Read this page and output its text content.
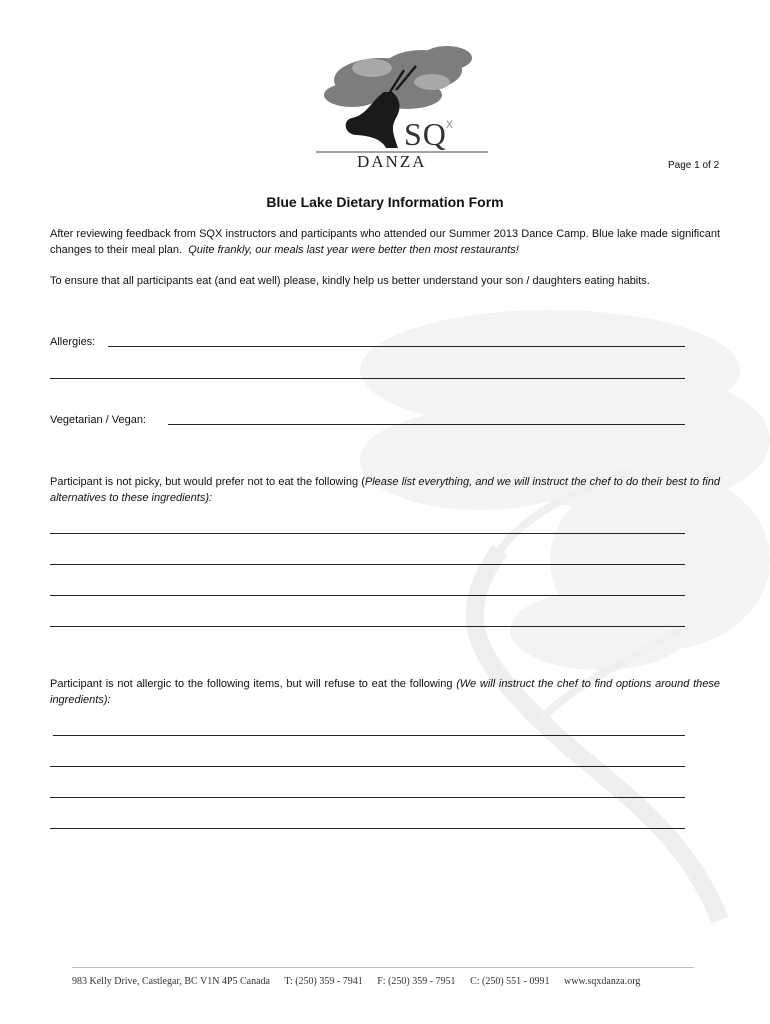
SQ x
DANZA	Page 1 of 2
Blue Lake Dietary Information Form

After reviewing feedback from SQX instructors and participants who attended our Summer 2013 Dance Camp. Blue lake made significant changes to their meal plan. Quite frankly, our meals last year were better then most restaurants!

To ensure that all participants eat (and eat well) please, kindly help us better understand your son / daughters eating habits.

Allergies:
Vegetarian / Vegan:

Participant is not picky, but would prefer not to eat the following (Please list everything, and we will instruct the chef to do their best to find alternatives to these ingredients):

Participant is not allergic to the following items, but will refuse to eat the following (We will instruct the chef to find options around these ingredients):

983 Kelly Drive, Castlegar, BC V1N 4P5 Canada T: (250) 359 - 7941 F: (250) 359 - 7951 C: (250) 551 - 0991 www.sqxdanza.org
